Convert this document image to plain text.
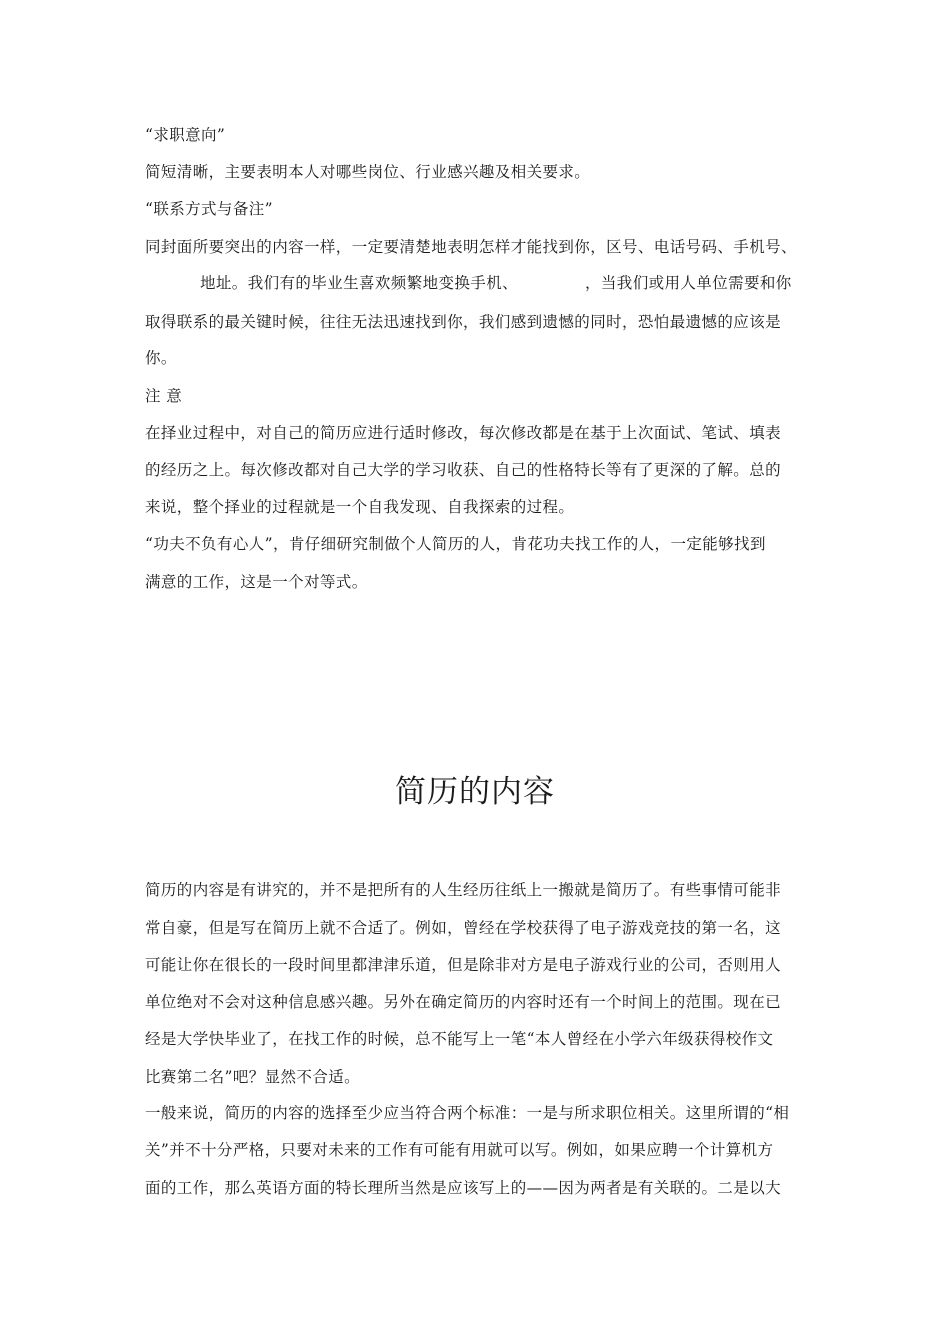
“求职意向”
简短清晰，主要表明本人对哪些岗位、行业感兴趣及相关要求。
“联系方式与备注”
同封面所要突出的内容一样，一定要清楚地表明怎样才能找到你，区号、电话号码、手机号、
地址。我们有的毕业生喜欢频繁地变换手机、	，当我们或用人单位需要和你
取得联系的最关键时候，往往无法迅速找到你，我们感到遗憾的同时，恐怕最遗憾的应该是
你。
注 意
在择业过程中，对自己的简历应进行适时修改，每次修改都是在基于上次面试、笔试、填表
的经历之上。每次修改都对自己大学的学习收获、自己的性格特长等有了更深的了解。总的
来说，整个择业的过程就是一个自我发现、自我探索的过程。
“功夫不负有心人”，肯仔细研究制做个人简历的人，肯花功夫找工作的人，一定能够找到
满意的工作，这是一个对等式。
简历的内容
简历的内容是有讲究的，并不是把所有的人生经历往纸上一搬就是简历了。有些事情可能非
常自豪，但是写在简历上就不合适了。例如，曾经在学校获得了电子游戏竞技的第一名，这
可能让你在很长的一段时间里都津津乐道，但是除非对方是电子游戏行业的公司，否则用人
单位绝对不会对这种信息感兴趣。另外在确定简历的内容时还有一个时间上的范围。现在已
经是大学快毕业了，在找工作的时候，总不能写上一笔“本人曾经在小学六年级获得校作文
比赛第二名”吧？显然不合适。
一般来说，简历的内容的选择至少应当符合两个标准：一是与所求职位相关。这里所谓的“相
关”并不十分严格，只要对未来的工作有可能有用就可以写。例如，如果应聘一个计算机方
面的工作，那么英语方面的特长理所当然是应该写上的——因为两者是有关联的。二是以大
